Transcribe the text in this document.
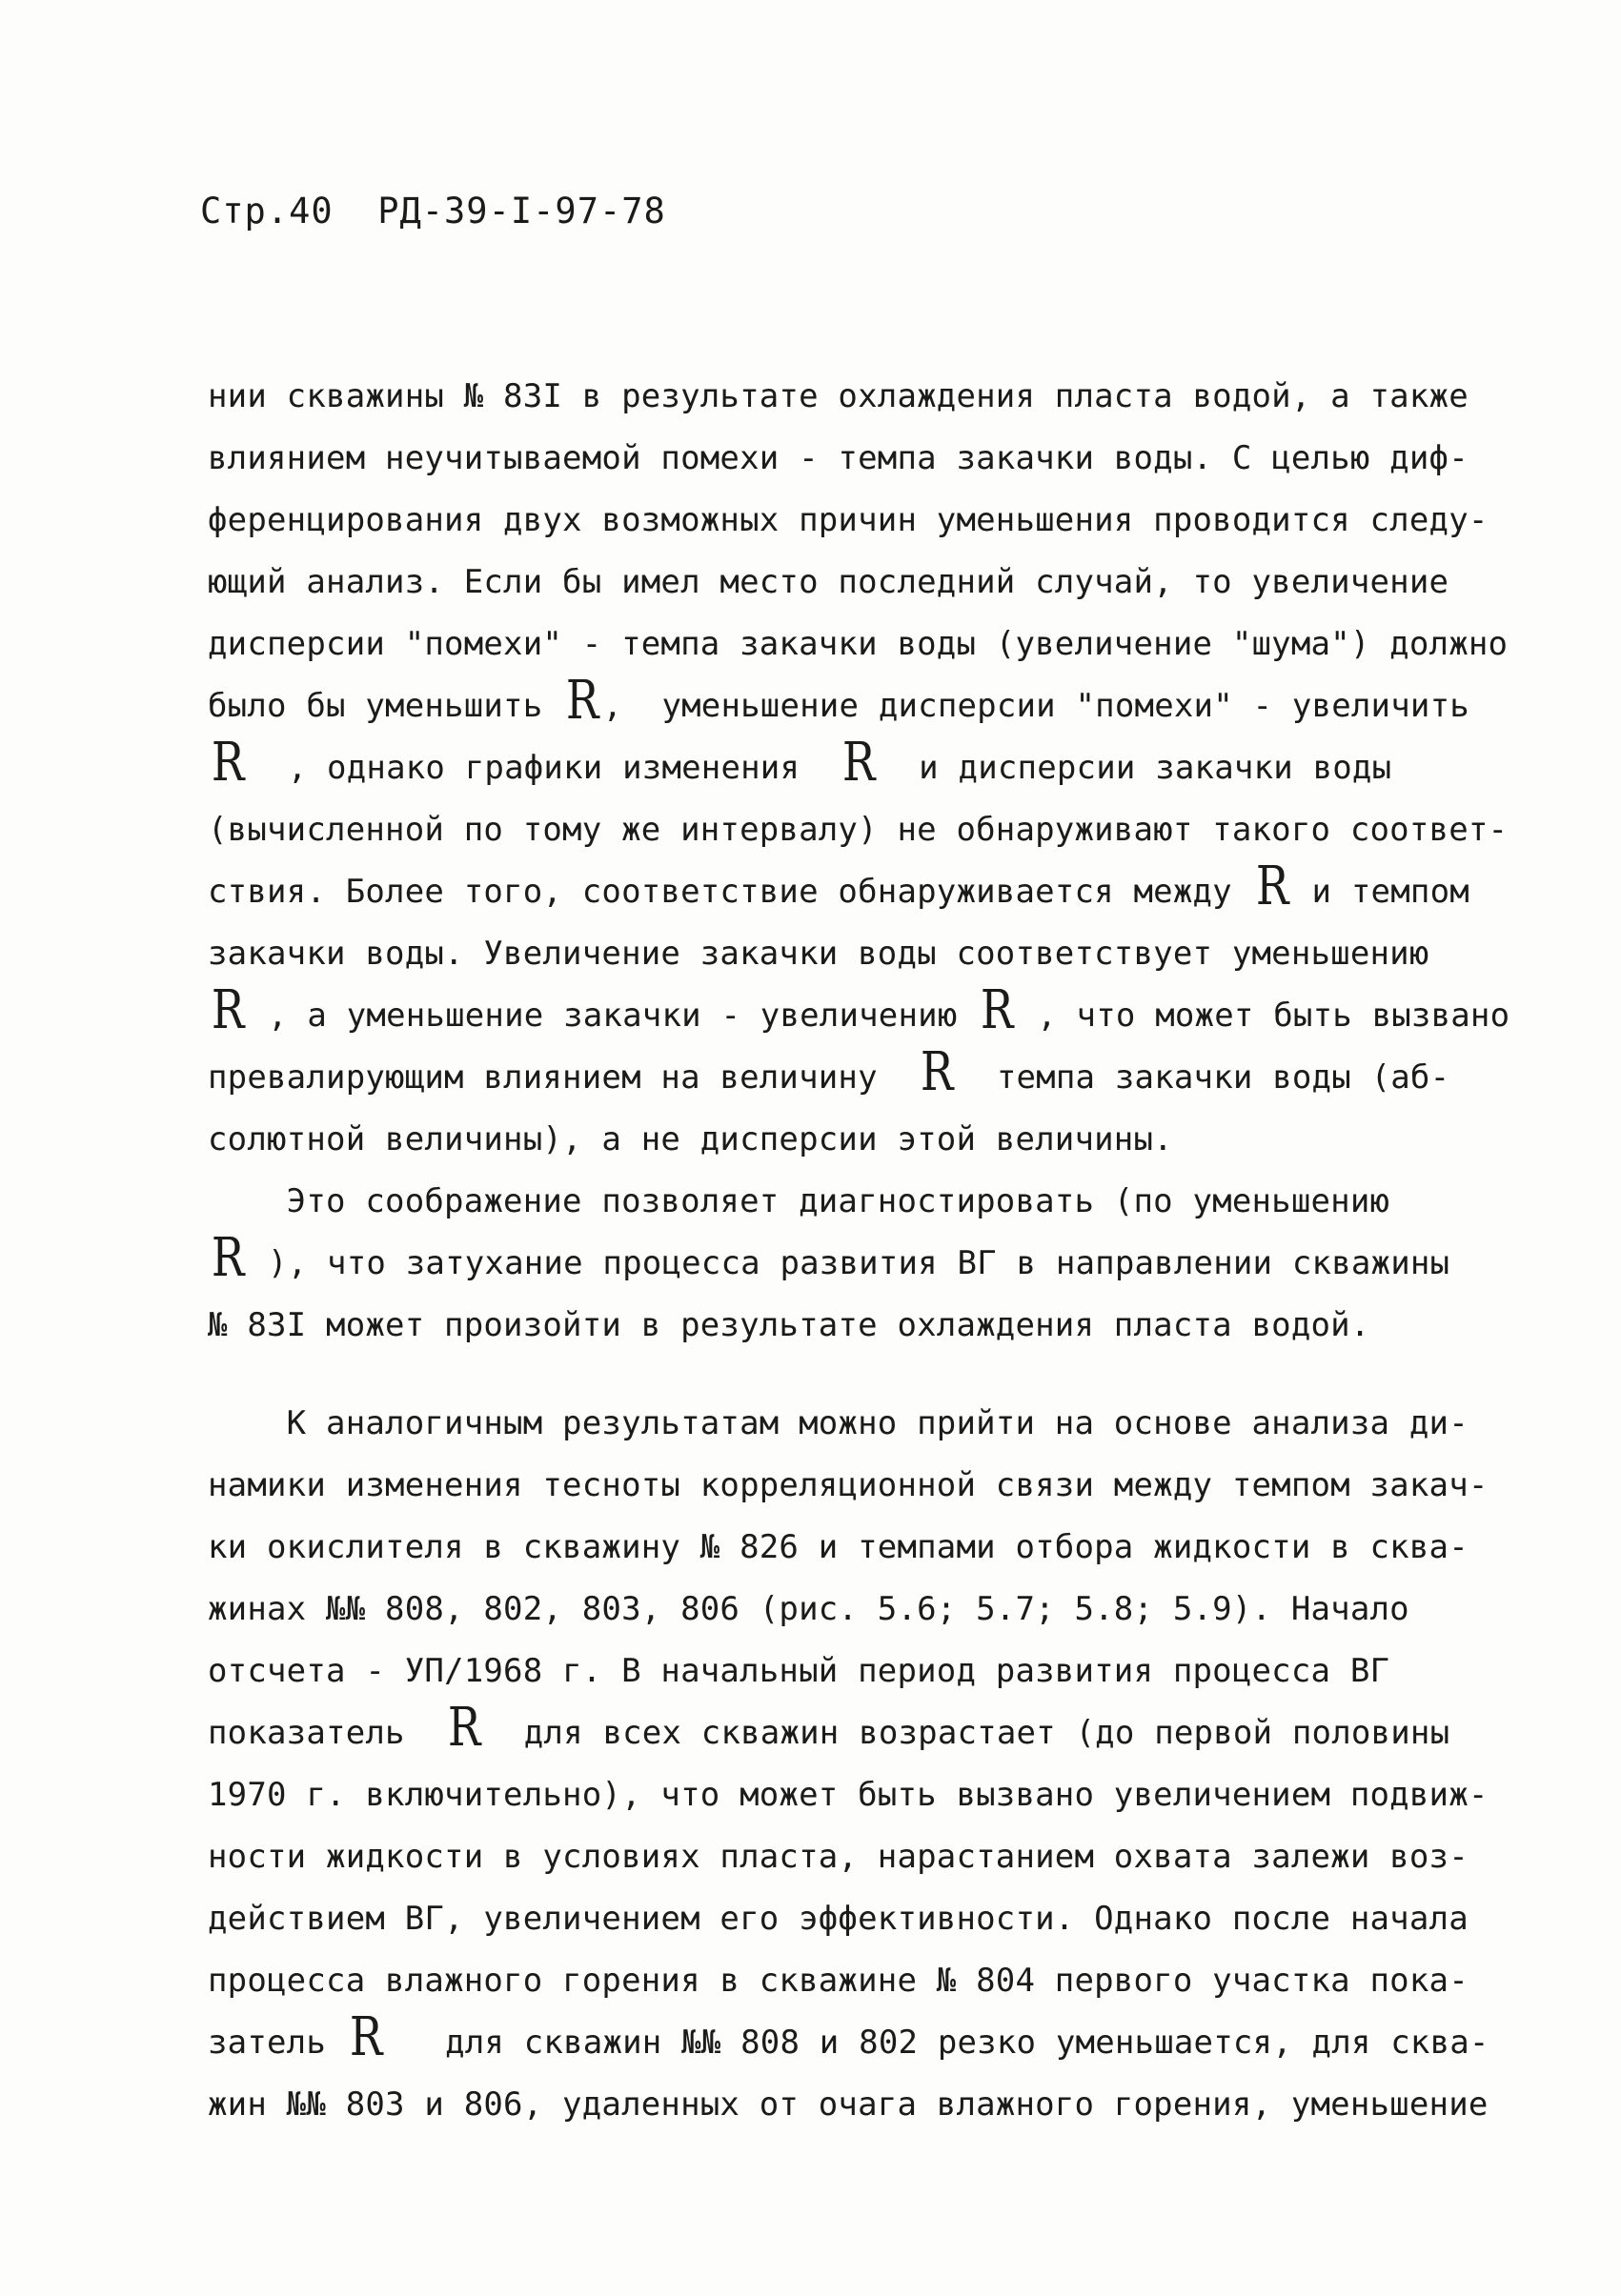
Стр.40  РД-39-I-97-78
нии скважины № 83I в результате охлаждения пласта водой, а также
влиянием неучитываемой помехи - темпа закачки воды. С целью диф-
ференцирования двух возможных причин уменьшения проводится следу-
ющий анализ. Если бы имел место последний случай, то увеличение
дисперсии "помехи" - темпа закачки воды (увеличение "шума") должно
было бы уменьшить R ,  уменьшение дисперсии "помехи" - увеличить
R  , однако графики изменения  R  и дисперсии закачки воды
(вычисленной по тому же интервалу) не обнаруживают такого соответ-
ствия. Более того, соответствие обнаруживается между R и темпом
закачки воды. Увеличение закачки воды соответствует уменьшению
R , а уменьшение закачки - увеличению R , что может быть вызвано
превалирующим влиянием на величину  R  темпа закачки воды (аб-
солютной величины), а не дисперсии этой величины.
Это соображение позволяет диагностировать (по уменьшению
R ), что затухание процесса развития ВГ в направлении скважины
№ 83I может произойти в результате охлаждения пласта водой.
К аналогичным результатам можно прийти на основе анализа ди-
намики изменения тесноты корреляционной связи между темпом закач-
ки окислителя в скважину № 826 и темпами отбора жидкости в сква-
жинах №№ 808, 802, 803, 806 (рис. 5.6; 5.7; 5.8; 5.9). Начало
отсчета - УП/1968 г. В начальный период развития процесса ВГ
показатель  R  для всех скважин возрастает (до первой половины
1970 г. включительно), что может быть вызвано увеличением подвиж-
ности жидкости в условиях пласта, нарастанием охвата залежи воз-
действием ВГ, увеличением его эффективности. Однако после начала
процесса влажного горения в скважине № 804 первого участка пока-
затель R   для скважин №№ 808 и 802 резко уменьшается, для сква-
жин №№ 803 и 806, удаленных от очага влажного горения, уменьшение
